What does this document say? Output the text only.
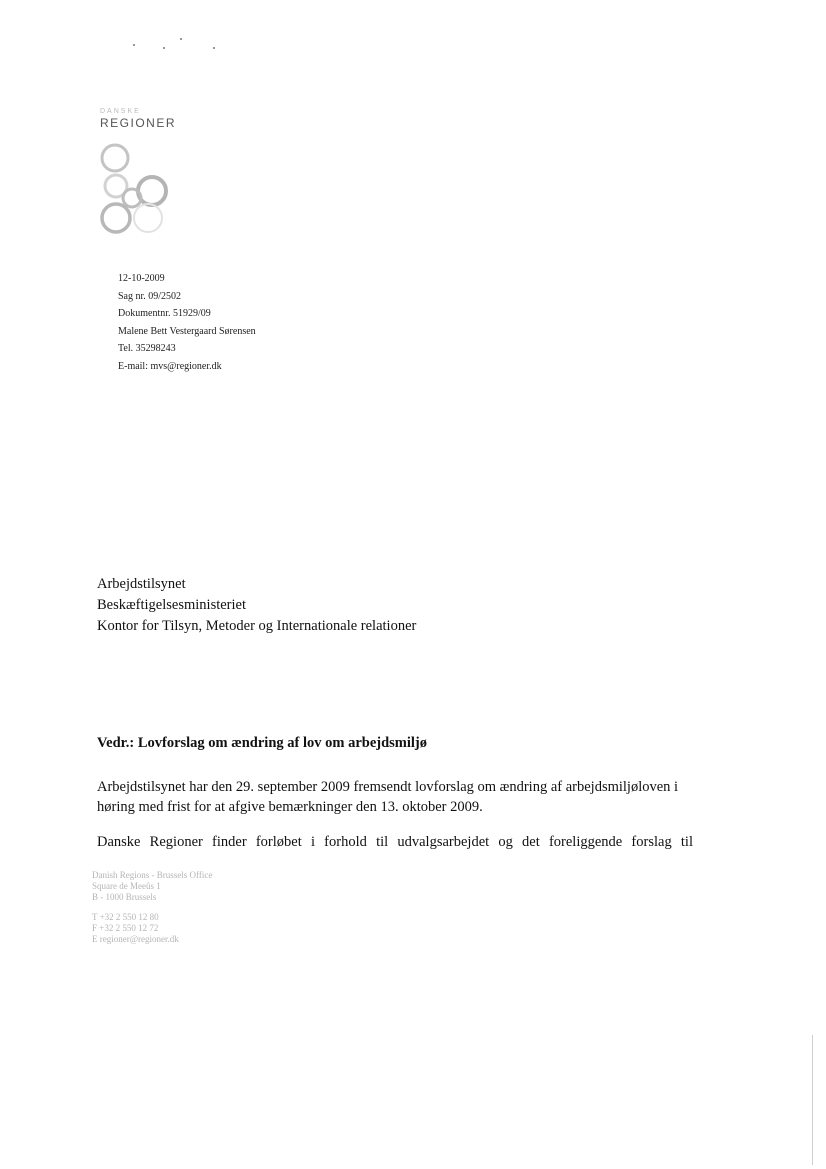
DANSKE
REGIONER
12-10-2009
Sag nr. 09/2502
Dokumentnr. 51929/09
Malene Bett Vestergaard Sørensen
Tel. 35298243
E-mail: mvs@regioner.dk
Arbejdstilsynet
Beskæftigelsesministeriet
Kontor for Tilsyn, Metoder og Internationale relationer
Vedr.: Lovforslag om ændring af lov om arbejdsmiljø
Arbejdstilsynet har den 29. september 2009 fremsendt lovforslag om ændring af arbejdsmiljøloven i høring med frist for at afgive bemærkninger den 13. oktober 2009.
Danske Regioner finder forløbet i forhold til udvalgsarbejdet og det foreliggende forslag til
Danish Regions - Brussels Office
Square de Meeûs 1
B - 1000 Brussels
T +32 2 550 12 80
F +32 2 550 12 72
E regioner@regioner.dk
